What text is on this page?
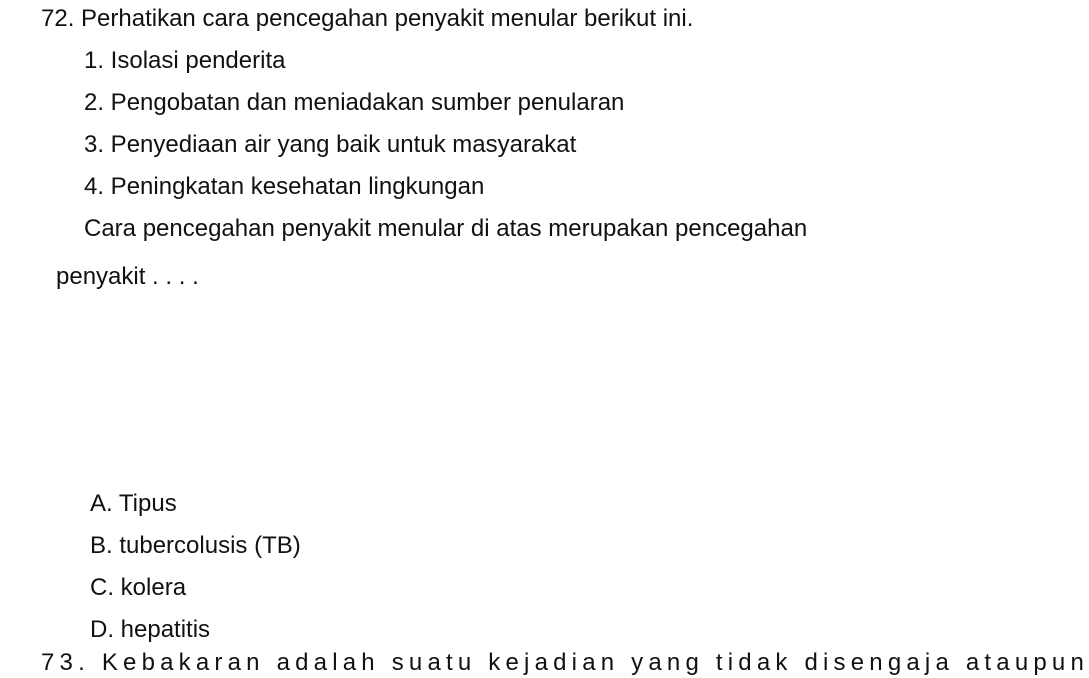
72. Perhatikan cara pencegahan penyakit menular berikut ini.
1. Isolasi penderita
2. Pengobatan dan meniadakan sumber penularan
3. Penyediaan air yang baik untuk masyarakat
4. Peningkatan kesehatan lingkungan
Cara pencegahan penyakit menular di atas merupakan pencegahan
penyakit . . . .
A. Tipus
B. tubercolusis (TB)
C. kolera
D. hepatitis
73. Kebakaran adalah suatu kejadian yang tidak disengaja ataupun
